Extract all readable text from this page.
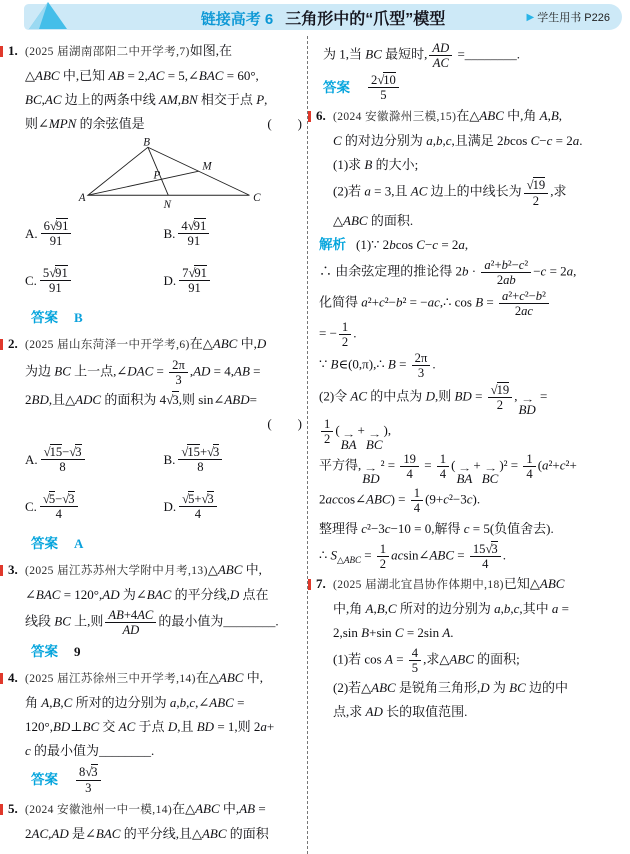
链接高考 6 三角形中的“爪型”模型	▶ 学生用书 P226
1. (2025 届湖南邵阳二中开学考,7)如图,在
△ABC 中,已知 AB = 2,AC = 5,∠BAC = 60°,
BC,AC 边上的两条中线 AM,BN 相交于点 P,
则∠MPN 的余弦值是	(  )
B
M
P
A
N
C
A. $\frac{6√91}{91}$	B. $\frac{4√91}{91}$
C. $\frac{5√91}{91}$	D. $\frac{7√91}{91}$
答案 B
2. (2025 届山东菏泽一中开学考,6)在△ABC 中,D
为边 BC 上一点,∠DAC = $\frac{2\pi}{3} ,AD = 4,AB$ =
2BD,且△ADC 的面积为 4√3,则 sin∠ABD=
(  )
A. $\frac{√15-√3}{8}$	B. $\frac{√15+√3}{8}$
C. $\frac{√5-√3}{4}$	D. $\frac{√5+√3}{4}$
答案 A
3. (2025 届江苏苏州大学附中月考,13)△ABC 中,
∠BAC = 120°,AD 为∠BAC 的平分线,D 点在
线段 BC 上,则 $\frac{AB+4AC}{AD}$ 的最小值为________.
答案 9
4. (2025 届江苏徐州三中开学考,14)在△ABC 中,
角 A,B,C 所对的边分别为 a,b,c,∠ABC =
120°,BD⊥BC 交 AC 于点 D,且 BD = 1,则 2a+
c 的最小值为________.
答案 $\frac{8√3}{3}$
5. (2024 安徽池州一中一模,14)在△ABC 中,AB =
2AC,AD 是∠BAC 的平分线,且△ABC 的面积
为 1,当 BC 最短时, $\frac{AD}{AC}$ =________.
答案 $\frac{2√10}{5}$
6. (2024 安徽滁州三模,15)在△ABC 中,角 A,B,
C 的对边分别为 a,b,c,且满足 2bcos C−c = 2a.
(1)求 B 的大小;
(2)若 a = 3,且 AC 边上的中线长为 $\frac{√19}{2}$ ,求
△ABC 的面积.
解析 (1)∵ 2bcos C−c = 2a,
∴ 由余弦定理的推论得 $2b \cdot \frac{\text{a²+b²−c²}}{2ab} -c = 2a$,
化简得 a²+c²−b² = −ac,∴ $\cos B = \frac{\text{a²+c²−b²}}{2ac}$
= − $\frac{1}{2}$ .
∵ B∈(0,π),∴ $B = \frac{2\pi}{3}$ .
(2)令 AC 的中点为 D,则 BD = $\frac{√19}{2}$ , →
BD
=
$\frac{1}{2}$ ( →
BA
+ →
BC
),
平方得, →
BD
$^2 = \frac{19}{4} = \frac{1}{4}$ ( →
BA
+ →
BC
)$^2 = \frac{1}{4} (a^2+c^2+$
2accos∠ABC) = $\frac{1}{4} (9+c^2-3c)$.
整理得 c²−3c−10 = 0,解得 c = 5(负值舍去).
∴ $S_{\triangle ABC} = \frac{1}{2}$ acsin∠ABC = $\frac{15√3}{4}$ .
7. (2025 届湖北宜昌协作体期中,18)已知△ABC
中,角 A,B,C 所对的边分别为 a,b,c,其中 a =
2,sin B+sin C = 2sin A.
(1)若 $\cos A = \frac{4}{5}$ ,求△ABC 的面积;
(2)若△ABC 是锐角三角形,D 为 BC 边的中
点,求 AD 长的取值范围.
